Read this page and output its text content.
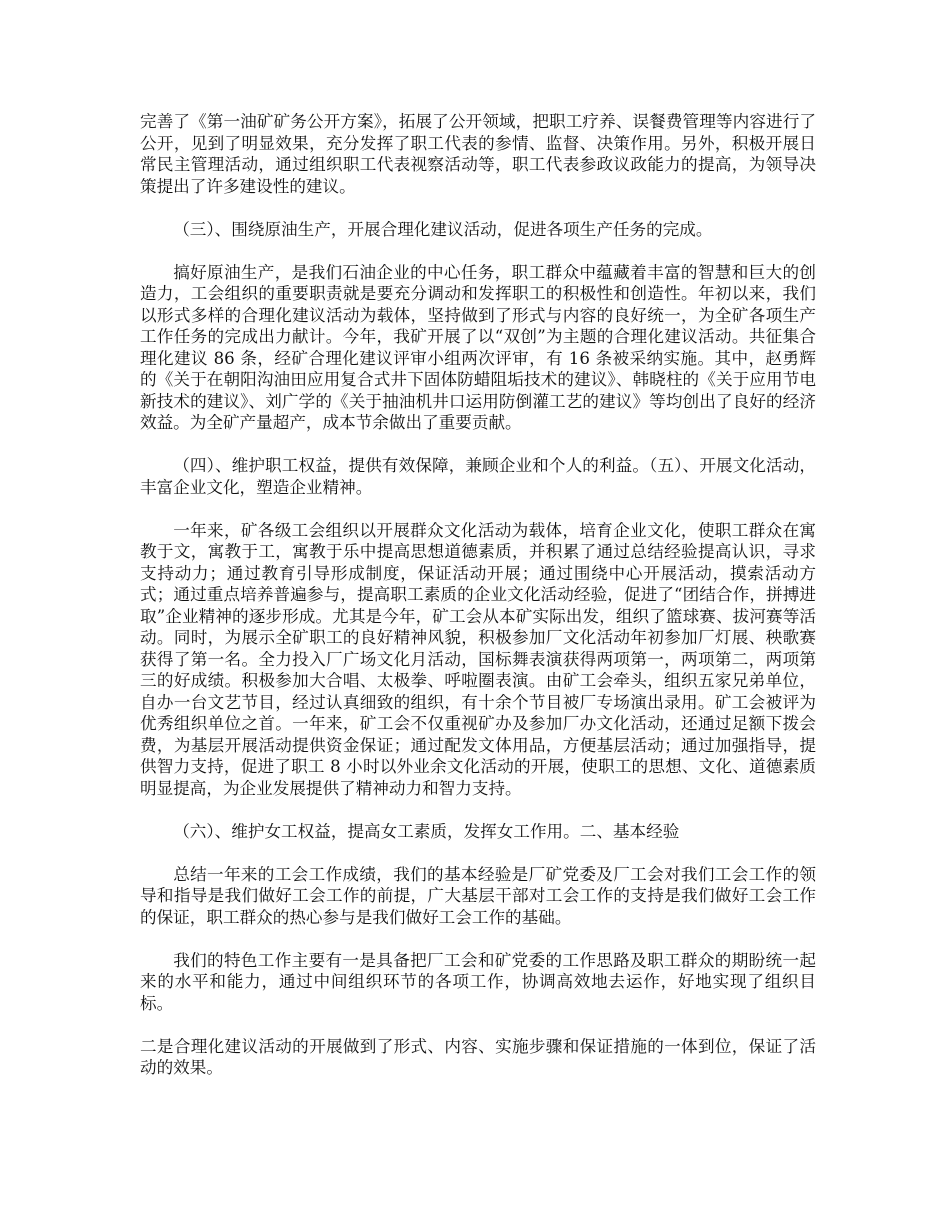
完善了《第一油矿矿务公开方案》，拓展了公开领域，把职工疗养、误餐费管理等内容进行了公开，见到了明显效果，充分发挥了职工代表的参情、监督、决策作用。另外，积极开展日常民主管理活动，通过组织职工代表视察活动等，职工代表参政议政能力的提高，为领导决策提出了许多建设性的建议。

（三）、围绕原油生产，开展合理化建议活动，促进各项生产任务的完成。

搞好原油生产，是我们石油企业的中心任务，职工群众中蕴藏着丰富的智慧和巨大的创造力，工会组织的重要职责就是要充分调动和发挥职工的积极性和创造性。年初以来，我们以形式多样的合理化建议活动为载体，坚持做到了形式与内容的良好统一，为全矿各项生产工作任务的完成出力献计。今年，我矿开展了以“双创”为主题的合理化建议活动。共征集合理化建议 86 条，经矿合理化建议评审小组两次评审，有 16 条被采纳实施。其中，赵勇辉的《关于在朝阳沟油田应用复合式井下固体防蜡阻垢技术的建议》、韩晓柱的《关于应用节电新技术的建议》、刘广学的《关于抽油机井口运用防倒灌工艺的建议》等均创出了良好的经济效益。为全矿产量超产，成本节余做出了重要贡献。

（四）、维护职工权益，提供有效保障，兼顾企业和个人的利益。（五）、开展文化活动，丰富企业文化，塑造企业精神。

一年来，矿各级工会组织以开展群众文化活动为载体，培育企业文化，使职工群众在寓教于文，寓教于工，寓教于乐中提高思想道德素质，并积累了通过总结经验提高认识，寻求支持动力；通过教育引导形成制度，保证活动开展；通过围绕中心开展活动，摸索活动方式；通过重点培养普遍参与，提高职工素质的企业文化活动经验，促进了“团结合作，拼搏进取”企业精神的逐步形成。尤其是今年，矿工会从本矿实际出发，组织了篮球赛、拔河赛等活动。同时，为展示全矿职工的良好精神风貌，积极参加厂文化活动年初参加厂灯展、秧歌赛获得了第一名。全力投入厂广场文化月活动，国标舞表演获得两项第一，两项第二，两项第三的好成绩。积极参加大合唱、太极拳、呼啦圈表演。由矿工会牵头，组织五家兄弟单位，自办一台文艺节目，经过认真细致的组织，有十余个节目被厂专场演出录用。矿工会被评为优秀组织单位之首。一年来，矿工会不仅重视矿办及参加厂办文化活动，还通过足额下拨会费，为基层开展活动提供资金保证；通过配发文体用品，方便基层活动；通过加强指导，提供智力支持，促进了职工 8 小时以外业余文化活动的开展，使职工的思想、文化、道德素质明显提高，为企业发展提供了精神动力和智力支持。

（六）、维护女工权益，提高女工素质，发挥女工作用。二、基本经验

总结一年来的工会工作成绩，我们的基本经验是厂矿党委及厂工会对我们工会工作的领导和指导是我们做好工会工作的前提，广大基层干部对工会工作的支持是我们做好工会工作的保证，职工群众的热心参与是我们做好工会工作的基础。

我们的特色工作主要有一是具备把厂工会和矿党委的工作思路及职工群众的期盼统一起来的水平和能力，通过中间组织环节的各项工作，协调高效地去运作，好地实现了组织目标。

二是合理化建议活动的开展做到了形式、内容、实施步骤和保证措施的一体到位，保证了活动的效果。
